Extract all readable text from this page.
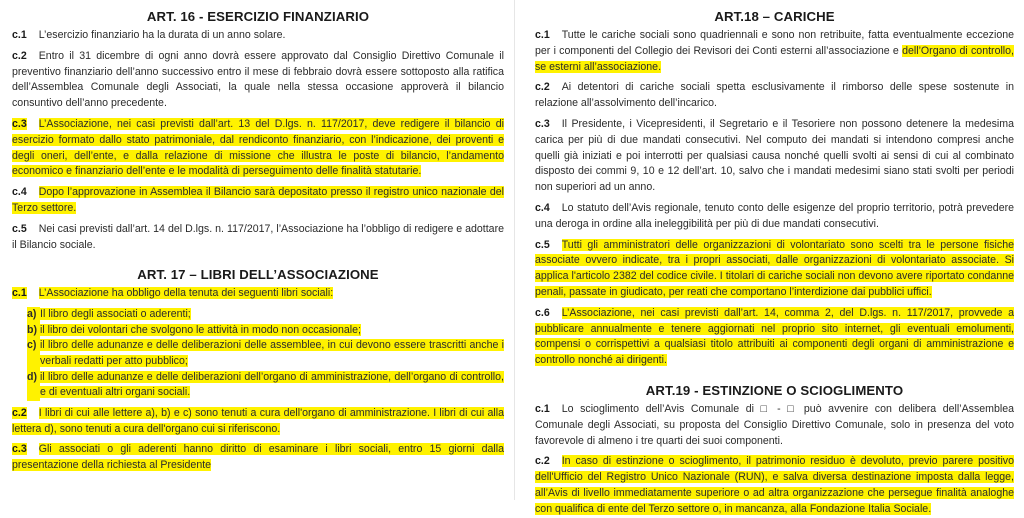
ART. 16 - ESERCIZIO FINANZIARIO

c.1 L’esercizio finanziario ha la durata di un anno solare.

c.2 Entro il 31 dicembre di ogni anno dovrà essere approvato dal Consiglio Direttivo Comunale il preventivo finanziario dell’anno successivo entro il mese di febbraio dovrà essere sottoposto alla ratifica dell’Assemblea Comunale degli Associati, la quale nella stessa occasione approverà il bilancio consuntivo dell’anno precedente.

c.3 L’Associazione, nei casi previsti dall’art. 13 del D.lgs. n. 117/2017, deve redigere il bilancio di esercizio formato dallo stato patrimoniale, dal rendiconto finanziario, con l’indicazione, dei proventi e degli oneri, dell’ente, e dalla relazione di missione che illustra le poste di bilancio, l’andamento economico e finanziario dell’ente e le modalità di perseguimento delle finalità statutarie.

c.4 Dopo l’approvazione in Assemblea il Bilancio sarà depositato presso il registro unico nazionale del Terzo settore.

c.5 Nei casi previsti dall’art. 14 del D.lgs. n. 117/2017, l’Associazione ha l’obbligo di redigere e adottare il Bilancio sociale.

ART. 17 – LIBRI DELL’ASSOCIAZIONE

c.1 L’Associazione ha obbligo della tenuta dei seguenti libri sociali:

a) Il libro degli associati o aderenti;
b) il libro dei volontari che svolgono le attività in modo non occasionale;
c) il libro delle adunanze e delle deliberazioni delle assemblee, in cui devono essere trascritti anche i verbali redatti per atto pubblico;
d) il libro delle adunanze e delle deliberazioni dell’organo di amministrazione, dell’organo di controllo, e di eventuali altri organi sociali.

c.2 I libri di cui alle lettere a), b) e c) sono tenuti a cura dell'organo di amministrazione. I libri di cui alla lettera d), sono tenuti a cura dell'organo cui si riferiscono.

c.3 Gli associati o gli aderenti hanno diritto di esaminare i libri sociali, entro 15 giorni dalla presentazione della richiesta al Presidente

ART.18 – CARICHE

c.1 Tutte le cariche sociali sono quadriennali e sono non retribuite, fatta eventualmente eccezione per i componenti del Collegio dei Revisori dei Conti esterni all’associazione e dell’Organo di controllo, se esterni all’associazione.

c.2 Ai detentori di cariche sociali spetta esclusivamente il rimborso delle spese sostenute in relazione all’assolvimento dell’incarico.

c.3 Il Presidente, i Vicepresidenti, il Segretario e il Tesoriere non possono detenere la medesima carica per più di due mandati consecutivi. Nel computo dei mandati si intendono compresi anche quelli già iniziati e poi interrotti per qualsiasi causa nonché quelli svolti ai sensi di cui al combinato disposto dei commi 9, 10 e 12 dell’art. 10, salvo che i mandati medesimi siano stati svolti per periodi non superiori ad un anno.

c.4 Lo statuto dell’Avis regionale, tenuto conto delle esigenze del proprio territorio, potrà prevedere una deroga in ordine alla ineleggibilità per più di due mandati consecutivi.

c.5 Tutti gli amministratori delle organizzazioni di volontariato sono scelti tra le persone fisiche associate ovvero indicate, tra i propri associati, dalle organizzazioni di volontariato associate. Si applica l'articolo 2382 del codice civile. I titolari di cariche sociali non devono avere riportato condanne penali, passate in giudicato, per reati che comportano l’interdizione dai pubblici uffici.

c.6 L’Associazione, nei casi previsti dall’art. 14, comma 2, del D.lgs. n. 117/2017, provvede a pubblicare annualmente e tenere aggiornati nel proprio sito internet, gli eventuali emolumenti, compensi o corrispettivi a qualsiasi titolo attribuiti ai componenti degli organi di amministrazione e controllo nonché ai dirigenti.

ART.19 - ESTINZIONE O SCIOGLIMENTO

c.1 Lo scioglimento dell’Avis Comunale di □ - □ può avvenire con delibera dell’Assemblea Comunale degli Associati, su proposta del Consiglio Direttivo Comunale, solo in presenza del voto favorevole di almeno i tre quarti dei suoi componenti.

c.2 In caso di estinzione o scioglimento, il patrimonio residuo è devoluto, previo parere positivo dell'Ufficio del Registro Unico Nazionale (RUN), e salva diversa destinazione imposta dalla legge, all’Avis di livello immediatamente superiore o ad altra organizzazione che persegue finalità analoghe con qualifica di ente del Terzo settore o, in mancanza, alla Fondazione Italia Sociale.
